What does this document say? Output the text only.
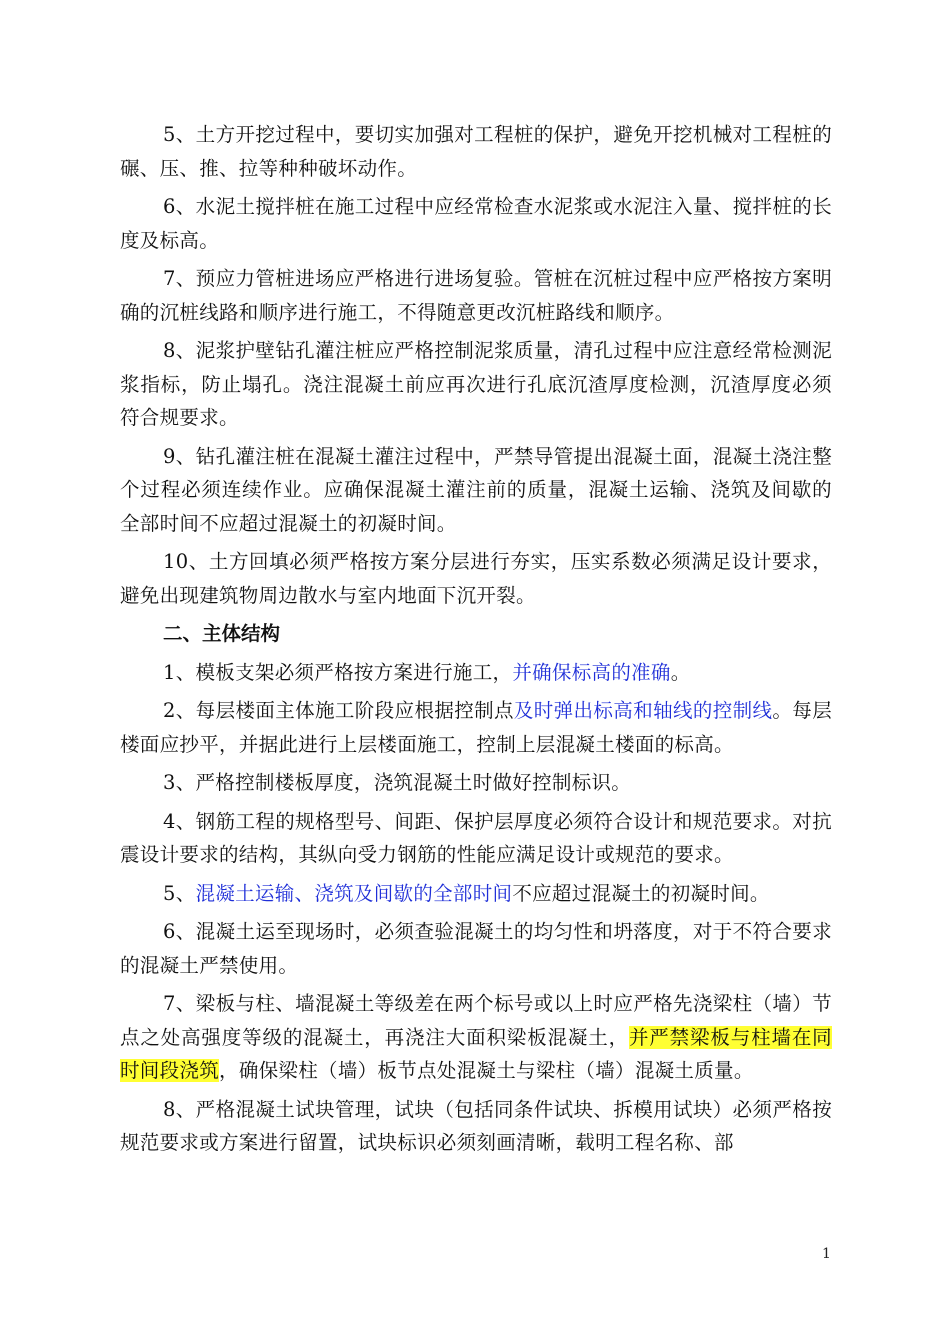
5、土方开挖过程中，要切实加强对工程桩的保护，避免开挖机械对工程桩的碾、压、推、拉等种种破坏动作。

6、水泥土搅拌桩在施工过程中应经常检查水泥浆或水泥注入量、搅拌桩的长度及标高。

7、预应力管桩进场应严格进行进场复验。管桩在沉桩过程中应严格按方案明确的沉桩线路和顺序进行施工，不得随意更改沉桩路线和顺序。

8、泥浆护壁钻孔灌注桩应严格控制泥浆质量，清孔过程中应注意经常检测泥浆指标，防止塌孔。浇注混凝土前应再次进行孔底沉渣厚度检测，沉渣厚度必须符合规要求。

9、钻孔灌注桩在混凝土灌注过程中，严禁导管提出混凝土面，混凝土浇注整个过程必须连续作业。应确保混凝土灌注前的质量，混凝土运输、浇筑及间歇的全部时间不应超过混凝土的初凝时间。

10、土方回填必须严格按方案分层进行夯实，压实系数必须满足设计要求，避免出现建筑物周边散水与室内地面下沉开裂。

二、主体结构

1、模板支架必须严格按方案进行施工，并确保标高的准确。

2、每层楼面主体施工阶段应根据控制点及时弹出标高和轴线的控制线。每层楼面应抄平，并据此进行上层楼面施工，控制上层混凝土楼面的标高。

3、严格控制楼板厚度，浇筑混凝土时做好控制标识。

4、钢筋工程的规格型号、间距、保护层厚度必须符合设计和规范要求。对抗震设计要求的结构，其纵向受力钢筋的性能应满足设计或规范的要求。

5、混凝土运输、浇筑及间歇的全部时间不应超过混凝土的初凝时间。

6、混凝土运至现场时，必须查验混凝土的均匀性和坍落度，对于不符合要求的混凝土严禁使用。

7、梁板与柱、墙混凝土等级差在两个标号或以上时应严格先浇梁柱（墙）节点之处高强度等级的混凝土，再浇注大面积梁板混凝土，并严禁梁板与柱墙在同时间段浇筑，确保梁柱（墙）板节点处混凝土与梁柱（墙）混凝土质量。

8、严格混凝土试块管理，试块（包括同条件试块、拆模用试块）必须严格按规范要求或方案进行留置，试块标识必须刻画清晰，载明工程名称、部

1
